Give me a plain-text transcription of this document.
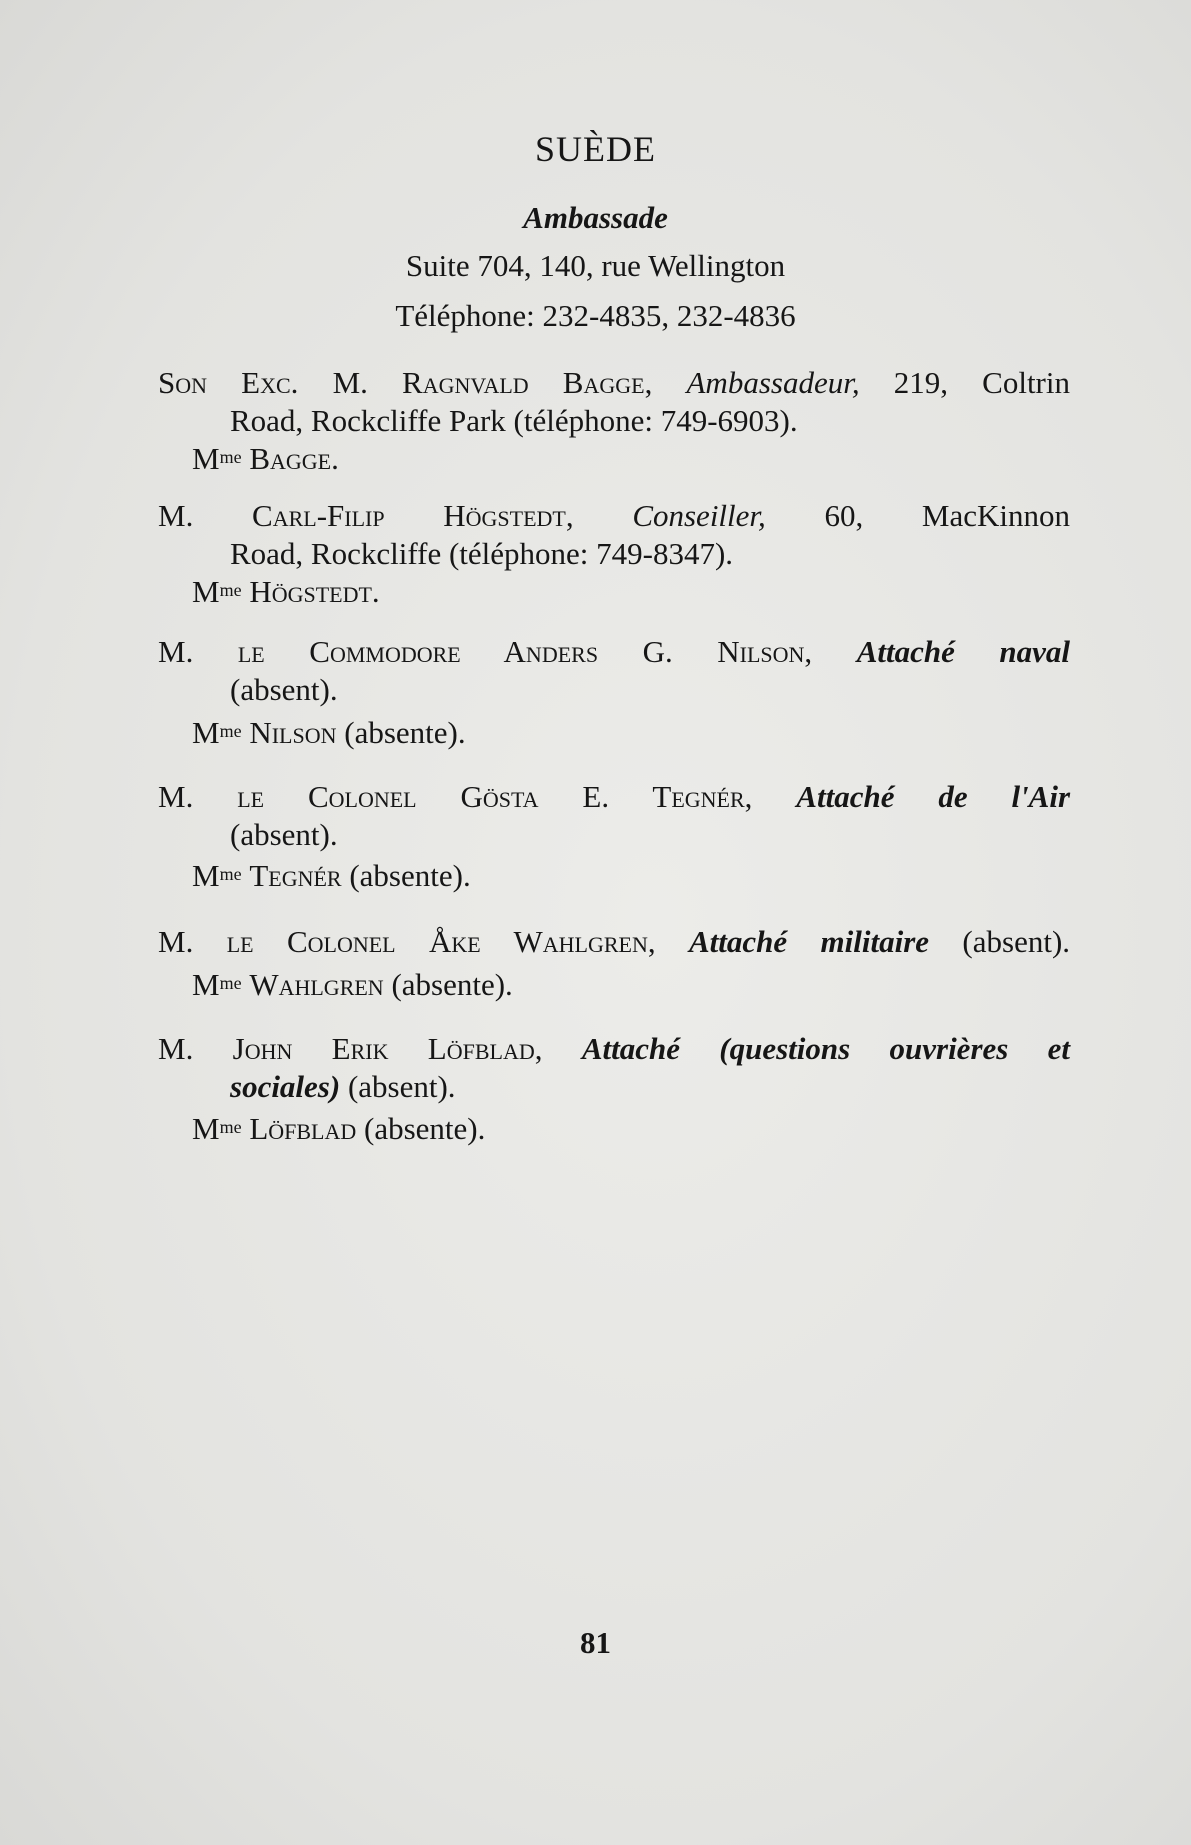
SUÈDE
Ambassade
Suite 704, 140, rue Wellington
Téléphone: 232-4835, 232-4836
Son Exc. M. Ragnvald Bagge, Ambassadeur, 219, Coltrin
Road, Rockcliffe Park (téléphone: 749-6903).
$M^{me}$ Bagge.
M. Carl-Filip Högstedt, Conseiller, 60, MacKinnon
Road, Rockcliffe (téléphone: 749-8347).
$M^{me}$ Högstedt.
M. le Commodore Anders G. Nilson, Attaché naval
(absent).
$M^{me}$ Nilson (absente).
M. le Colonel Gösta E. Tegnér, Attaché de l'Air
(absent).
$M^{me}$ Tegnér (absente).
M. le Colonel Åke Wahlgren, Attaché militaire (absent).
$M^{me}$ Wahlgren (absente).
M. John Erik Löfblad, Attaché (questions ouvrières et
sociales) (absent).
$M^{me}$ Löfblad (absente).
81
